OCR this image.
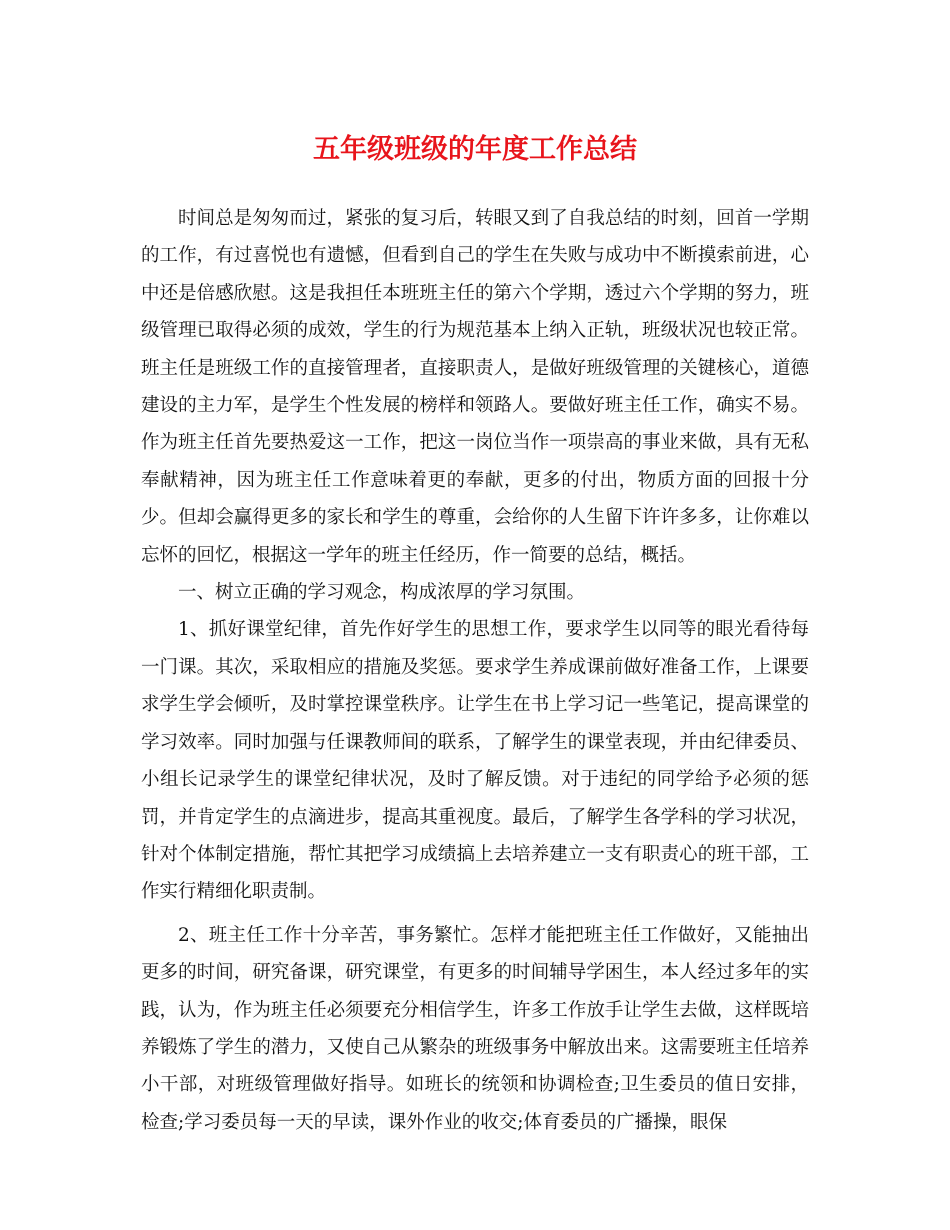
五年级班级的年度工作总结

时间总是匆匆而过，紧张的复习后，转眼又到了自我总结的时刻，回首一学期的工作，有过喜悦也有遗憾，但看到自己的学生在失败与成功中不断摸索前进，心中还是倍感欣慰。这是我担任本班班主任的第六个学期，透过六个学期的努力，班级管理已取得必须的成效，学生的行为规范基本上纳入正轨，班级状况也较正常。班主任是班级工作的直接管理者，直接职责人，是做好班级管理的关键核心，道德建设的主力军，是学生个性发展的榜样和领路人。要做好班主任工作，确实不易。作为班主任首先要热爱这一工作，把这一岗位当作一项崇高的事业来做，具有无私奉献精神，因为班主任工作意味着更的奉献，更多的付出，物质方面的回报十分少。但却会赢得更多的家长和学生的尊重，会给你的人生留下许许多多，让你难以忘怀的回忆，根据这一学年的班主任经历，作一简要的总结，概括。

一、树立正确的学习观念，构成浓厚的学习氛围。

1、抓好课堂纪律，首先作好学生的思想工作，要求学生以同等的眼光看待每一门课。其次，采取相应的措施及奖惩。要求学生养成课前做好准备工作，上课要求学生学会倾听，及时掌控课堂秩序。让学生在书上学习记一些笔记，提高课堂的学习效率。同时加强与任课教师间的联系，了解学生的课堂表现，并由纪律委员、小组长记录学生的课堂纪律状况，及时了解反馈。对于违纪的同学给予必须的惩罚，并肯定学生的点滴进步，提高其重视度。最后，了解学生各学科的学习状况，针对个体制定措施，帮忙其把学习成绩搞上去培养建立一支有职责心的班干部，工作实行精细化职责制。

2、班主任工作十分辛苦，事务繁忙。怎样才能把班主任工作做好，又能抽出更多的时间，研究备课，研究课堂，有更多的时间辅导学困生，本人经过多年的实践，认为，作为班主任必须要充分相信学生，许多工作放手让学生去做，这样既培养锻炼了学生的潜力，又使自己从繁杂的班级事务中解放出来。这需要班主任培养小干部，对班级管理做好指导。如班长的统领和协调检查;卫生委员的值日安排，检查;学习委员每一天的早读，课外作业的收交;体育委员的广播操，眼保
